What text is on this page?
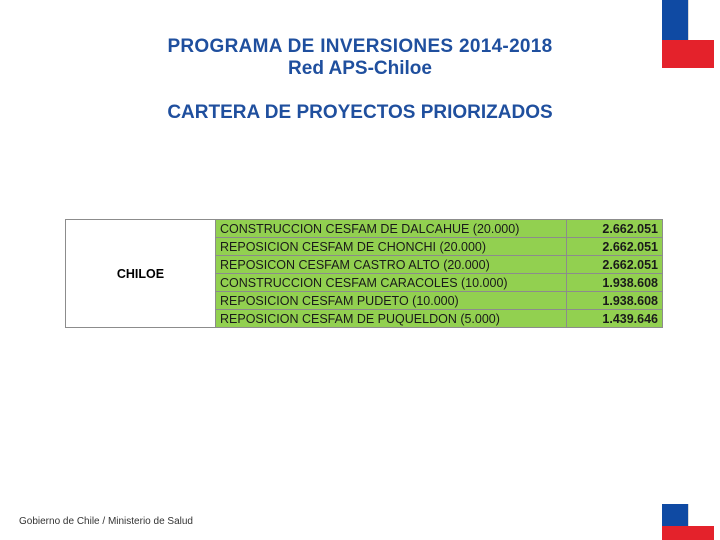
PROGRAMA DE INVERSIONES 2014-2018
Red APS-Chiloe
CARTERA DE PROYECTOS PRIORIZADOS
CHILOE	CONSTRUCCION CESFAM DE DALCAHUE (20.000)	2.662.051
	REPOSICION CESFAM DE CHONCHI (20.000)	2.662.051
	REPOSICON CESFAM CASTRO ALTO (20.000)	2.662.051
	CONSTRUCCION CESFAM CARACOLES (10.000)	1.938.608
	REPOSICION CESFAM PUDETO (10.000)	1.938.608
	REPOSICION CESFAM DE PUQUELDON (5.000)	1.439.646
Gobierno de Chile / Ministerio de Salud
